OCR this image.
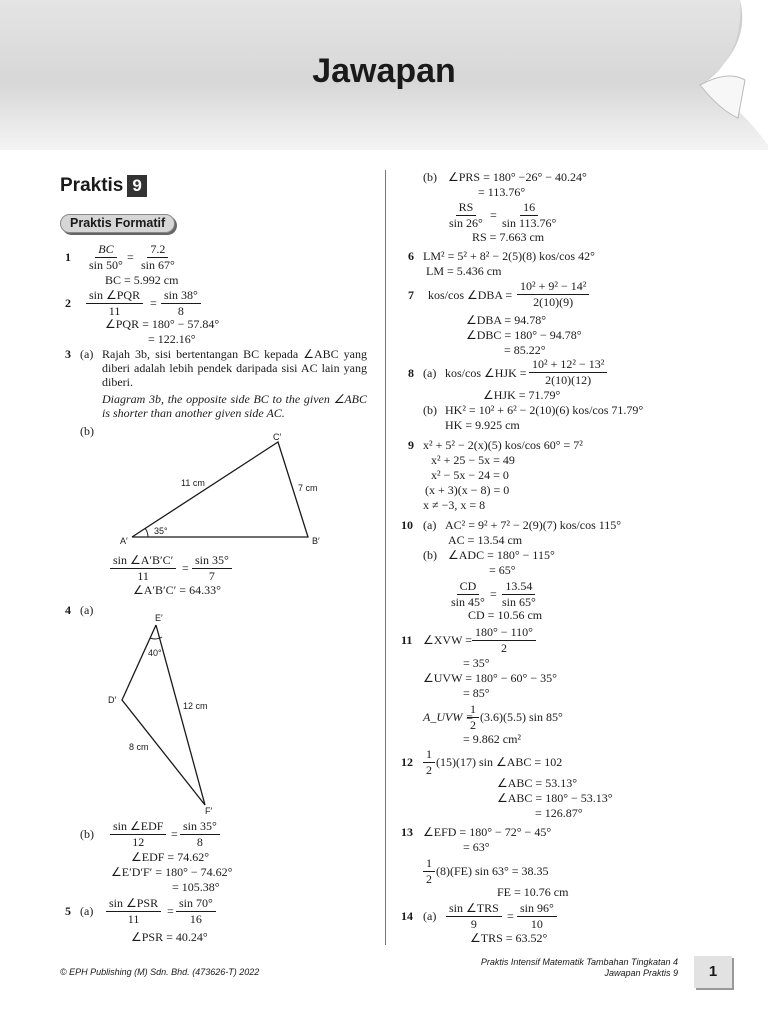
Jawapan
Praktis 9
Praktis Formatif
$1 \frac{BC}{\sin 50^\circ} = \frac{7.2}{\sin 67^\circ}$
BC = 5.992 cm
2
sin ∠PQR
11
= $\frac{\sin 38^\circ}{8}$
∠PQR = 180° − 57.84°
= 122.16°
3 (a) Rajah 3b, sisi bertentangan BC kepada ∠ABC yang diberi adalah lebih pendek daripada sisi AC lain yang diberi.
Diagram 3b, the opposite side BC to the given ∠ABC is shorter than another given side AC.
(b)	C′
A′	B′
11 cm	7 cm
35°
$\frac{\sin \angle A'B'C'}{11} = \frac{\sin 35^\circ}{7}$
∠A′B′C′ = 64.33°
4 (a)
E′
D′
F′
40°
12 cm
8 cm
(b)
sin ∠EDF
12
= $\frac{\sin 35^\circ}{8}$
∠EDF = 74.62°
∠E′D′F′ = 180° − 74.62°
= 105.38°
5 (a)
sin ∠PSR
11
= $\frac{\sin 70^\circ}{16}$
∠PSR = 40.24°
(b) ∠PRS = 180° −26° − 40.24°
= 113.76°
$\frac{RS}{\sin 26^\circ} = \frac{16}{\sin 113.76^\circ}$
RS = 7.663 cm
6 LM² = 5² + 8² − 2(5)(8) kos/cos 42°
LM = 5.436 cm
7 kos/cos ∠DBA = $\frac{\text{10² + 9² − 14²}}{2(10)(9)}$
∠DBA = 94.78°
∠DBC = 180° − 94.78°
= 85.22°
8 (a) kos/cos ∠HJK = $\frac{\text{10² + 12² − 13²}}{2(10)(12)}$
∠HJK = 71.79°
(b) HK² = 10² + 6² − 2(10)(6) kos/cos 71.79°
HK = 9.925 cm
9 x² + 5² − 2(x)(5) kos/cos 60° = 7²
x² + 25 − 5x = 49
x² − 5x − 24 = 0
(x + 3)(x − 8) = 0
x ≠ −3, x = 8
10 (a) AC² = 9² + 7² − 2(9)(7) kos/cos 115°
AC = 13.54 cm
(b) ∠ADC = 180° − 115°
= 65°
$\frac{CD}{\sin 45^\circ} = \frac{13.54}{\sin 65^\circ}$
CD = 10.56 cm
11 ∠XVW = $\frac{180^\circ - 110^\circ}{2}$
= 35°
∠UVW = 180° − 60° − 35°
= 85°
A_UVW =
$\frac{1}{2} (3.6)(5.5)$ sin 85°
= 9.862 cm²
$12 \frac{1}{2} (15)(17)$ sin ∠ABC = 102
∠ABC = 53.13°
∠ABC = 180° − 53.13°
= 126.87°
13 ∠EFD = 180° − 72° − 45°
= 63°
$\frac{1}{2} (8)(FE)$ sin 63° = 38.35
FE = 10.76 cm
14 (a)
sin ∠TRS
9
= $\frac{\sin 96^\circ}{10}$
∠TRS = 63.52°
© EPH Publishing (M) Sdn. Bhd. (473626-T) 2022
Praktis Intensif Matematik Tambahan Tingkatan 4
Jawapan Praktis 9	1
